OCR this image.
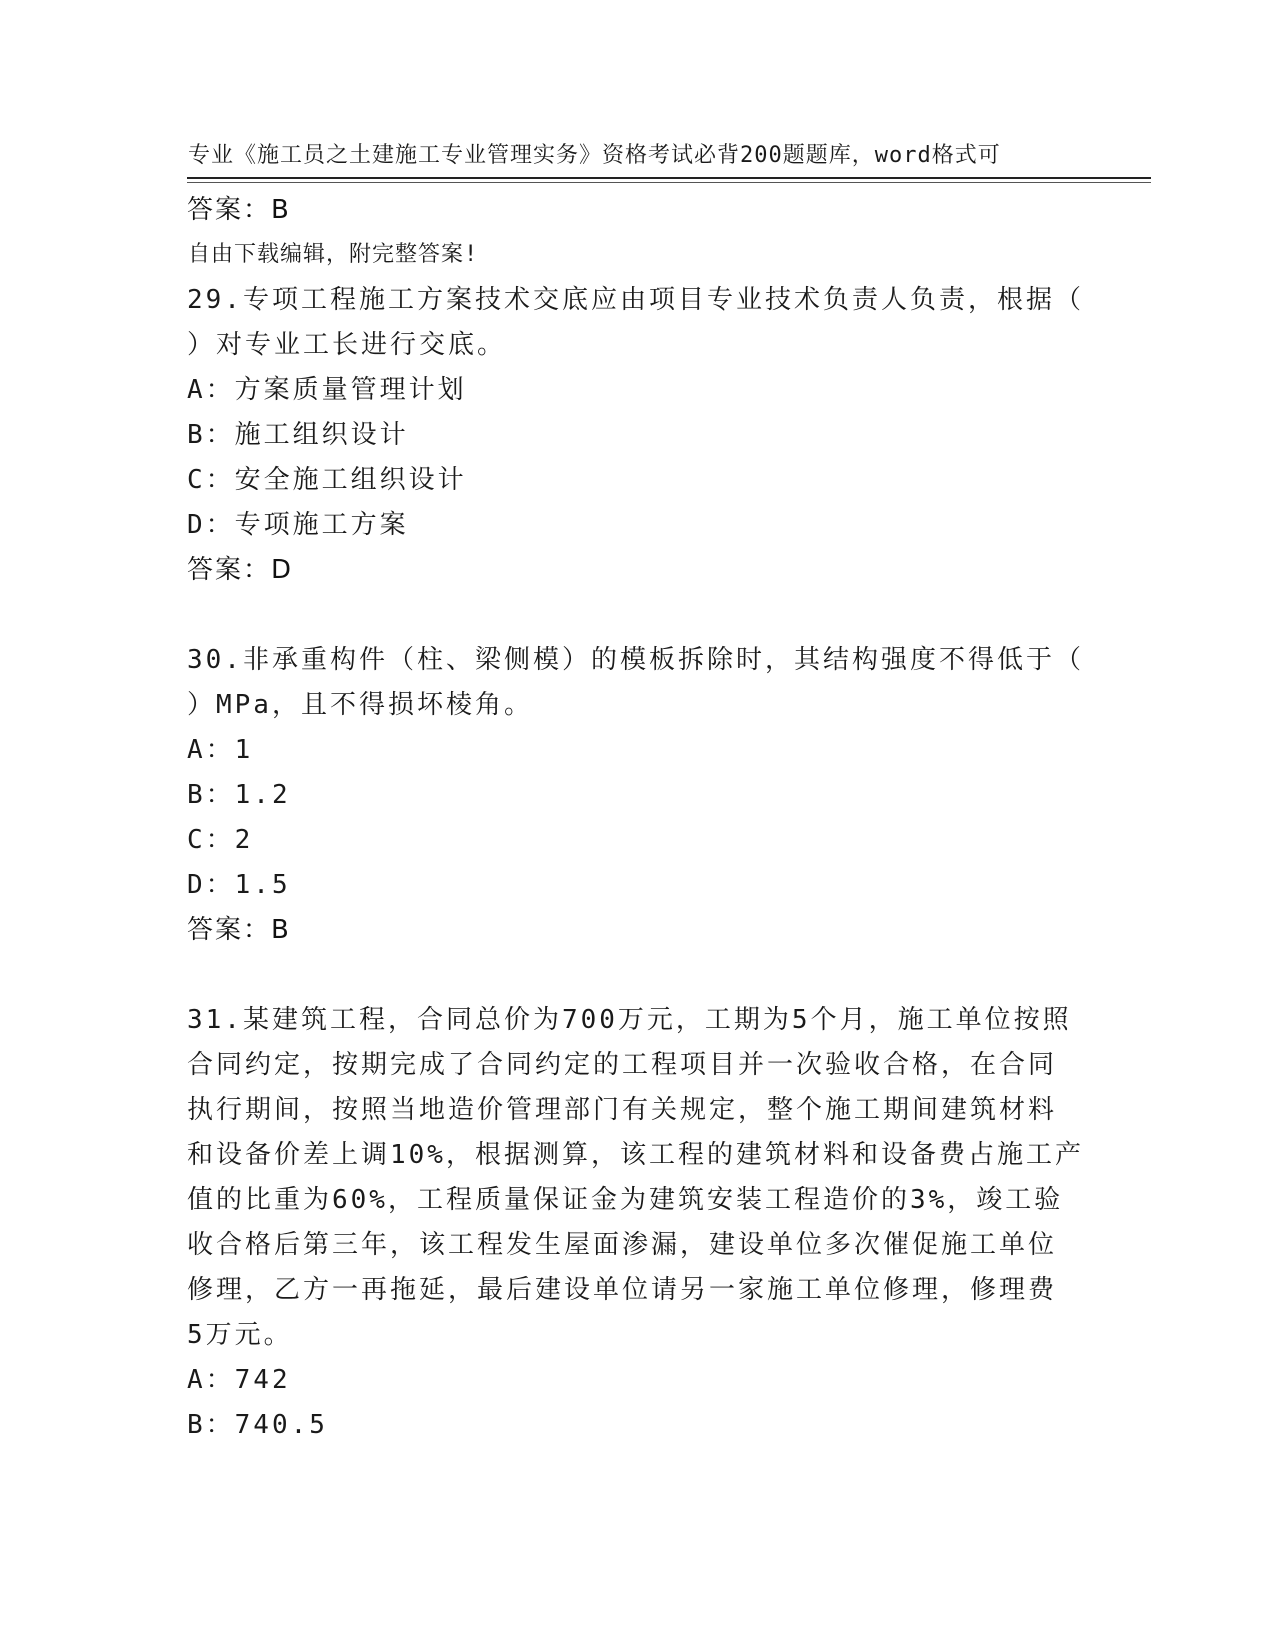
专业《施工员之土建施工专业管理实务》资格考试必背200题题库，word格式可

自由下载编辑，附完整答案!

答案：B

29.专项工程施工方案技术交底应由项目专业技术负责人负责，根据（

）对专业工长进行交底。

A：方案质量管理计划

B：施工组织设计

C：安全施工组织设计

D：专项施工方案

答案：D

30.非承重构件（柱、梁侧模）的模板拆除时，其结构强度不得低于（

）MPa，且不得损坏棱角。

A：1

B：1.2

C：2

D：1.5

答案：B

31.某建筑工程，合同总价为700万元，工期为5个月，施工单位按照

合同约定，按期完成了合同约定的工程项目并一次验收合格，在合同

执行期间，按照当地造价管理部门有关规定，整个施工期间建筑材料

和设备价差上调10%，根据测算，该工程的建筑材料和设备费占施工产

值的比重为60%，工程质量保证金为建筑安装工程造价的3%，竣工验

收合格后第三年，该工程发生屋面渗漏，建设单位多次催促施工单位

修理，乙方一再拖延，最后建设单位请另一家施工单位修理，修理费

5万元。

A：742

B：740.5
